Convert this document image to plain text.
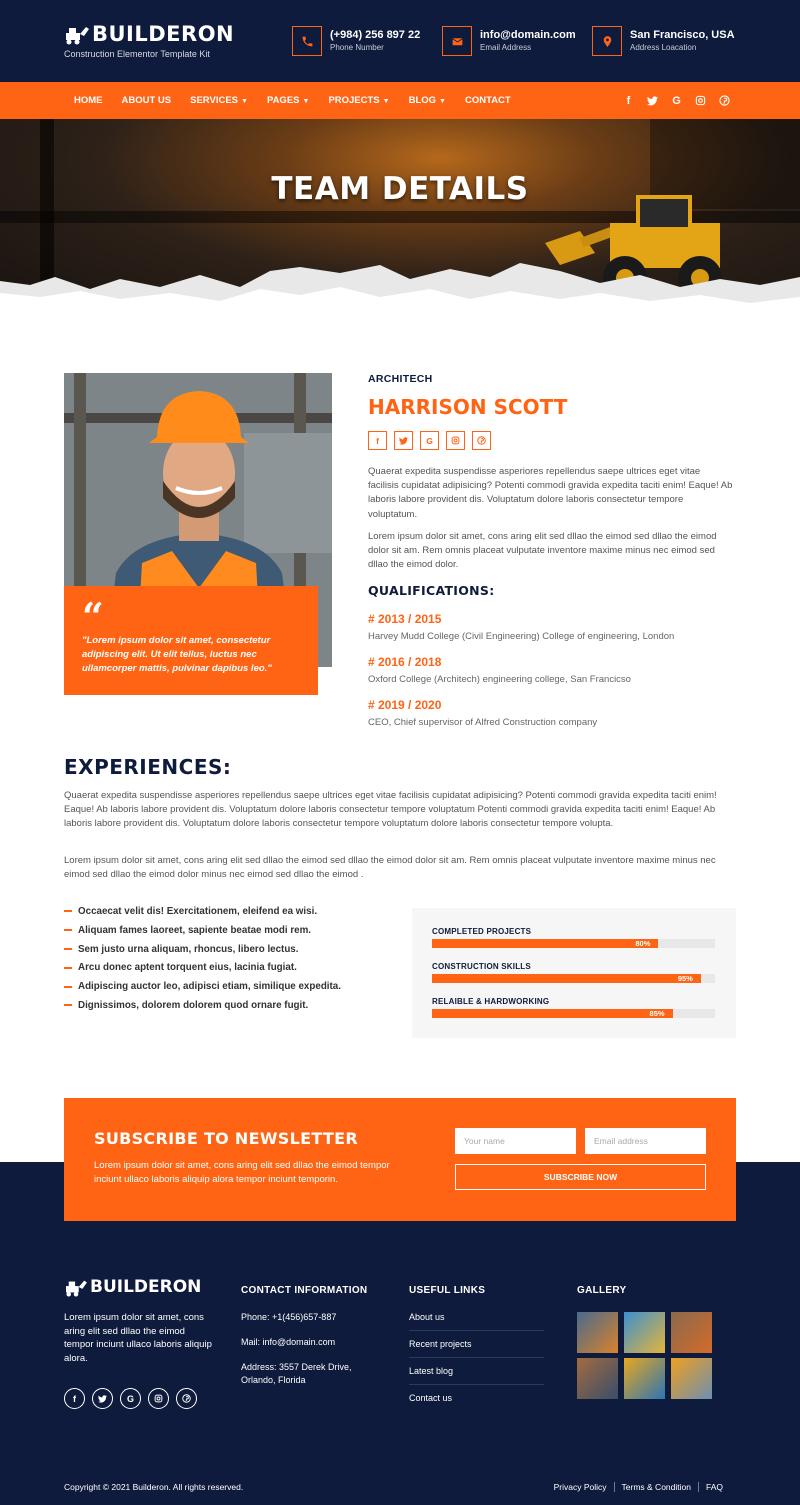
BUILDERON
Construction Elementor Template Kit
(+984) 256 897 22
Phone Number
info@domain.com
Email Address
San Francisco, USA
Address Loacation
HOME ABOUT US SERVICES ▼ PAGES ▼ PROJECTS ▼ BLOG ▼ CONTACT	f	G
TEAM DETAILS
“

"Lorem ipsum dolor sit amet, consectetur adipiscing elit. Ut elit tellus, luctus nec ullamcorper mattis, pulvinar dapibus leo."

ARCHITECH
HARRISON SCOTT
f	G

Quaerat expedita suspendisse asperiores repellendus saepe ultrices eget vitae facilisis cupidatat adipisicing? Potenti commodi gravida expedita taciti enim! Eaque! Ab laboris labore provident dis. Voluptatum dolore laboris consectetur tempore voluptatum.

Lorem ipsum dolor sit amet, cons aring elit sed dllao the eimod sed dllao the eimod dolor sit am. Rem omnis placeat vulputate inventore maxime minus nec eimod sed dllao the eimod dolor.

QUALIFICATIONS:
# 2013 / 2015
Harvey Mudd College (Civil Engineering) College of engineering, London
# 2016 / 2018
Oxford College (Architech) engineering college, San Francicso
# 2019 / 2020
CEO, Chief supervisor of Alfred Construction company
EXPERIENCES:

Quaerat expedita suspendisse asperiores repellendus saepe ultrices eget vitae facilisis cupidatat adipisicing? Potenti commodi gravida expedita taciti enim! Eaque! Ab laboris labore provident dis. Voluptatum dolore laboris consectetur tempore voluptatum Potenti commodi gravida expedita taciti enim! Eaque! Ab laboris labore provident dis. Voluptatum dolore laboris consectetur tempore voluptatum dolore laboris consectetur tempore volupta.

Lorem ipsum dolor sit amet, cons aring elit sed dllao the eimod sed dllao the eimod dolor sit am. Rem omnis placeat vulputate inventore maxime minus nec eimod sed dllao the eimod dolor minus nec eimod sed dllao the eimod .

Occaecat velit dis! Exercitationem, eleifend ea wisi.
Aliquam fames laoreet, sapiente beatae modi rem.
Sem justo urna aliquam, rhoncus, libero lectus.
Arcu donec aptent torquent eius, lacinia fugiat.
Adipiscing auctor leo, adipisci etiam, similique expedita.
Dignissimos, dolorem dolorem quod ornare fugit.
COMPLETED PROJECTS
80%
CONSTRUCTION SKILLS
95%
RELAIBLE & HARDWORKING
85%
SUBSCRIBE TO NEWSLETTER

Lorem ipsum dolor sit amet, cons aring elit sed dllao the eimod tempor inciunt ullaco laboris aliquip alora tempor inciunt temporin.

Your name	Email address
SUBSCRIBE NOW
BUILDERON

Lorem ipsum dolor sit amet, cons aring elit sed dllao the eimod tempor inciunt ullaco laboris aliquip alora.

f	G
CONTACT INFORMATION
Phone: +1(456)657-887
Mail: info@domain.com
Address: 3557 Derek Drive, Orlando, Florida
USEFUL LINKS
About us
Recent projects
Latest blog
Contact us
GALLERY
Copyright © 2021 Builderon. All rights reserved.	Privacy Policy	Terms & Condition	FAQ
